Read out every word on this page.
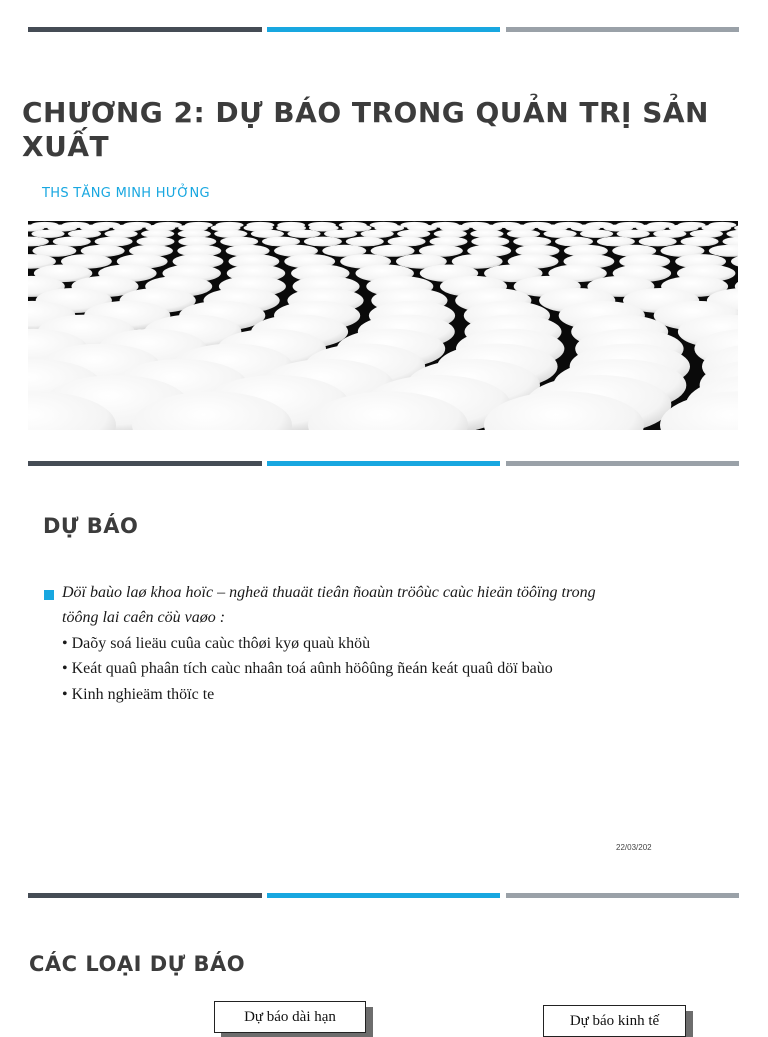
CHƯƠNG 2: DỰ BÁO TRONG QUẢN TRỊ SẢN XUẤT
THS TĂNG MINH HƯỞNG
DỰ BÁO
Döï baùo laø khoa hoïc – ngheä thuaät tieân ñoaùn tröôùc caùc hieän töôïng trong
töông lai caên cöù vaøo :
• Daõy soá lieäu cuûa caùc thôøi kyø quaù khöù
• Keát quaû phaân tích caùc nhaân toá aûnh höôûng ñeán keát quaû döï baùo
• Kinh nghieäm thöïc te
22/03/202
CÁC LOẠI DỰ BÁO
Dự báo dài hạn	Dự báo kinh tế
